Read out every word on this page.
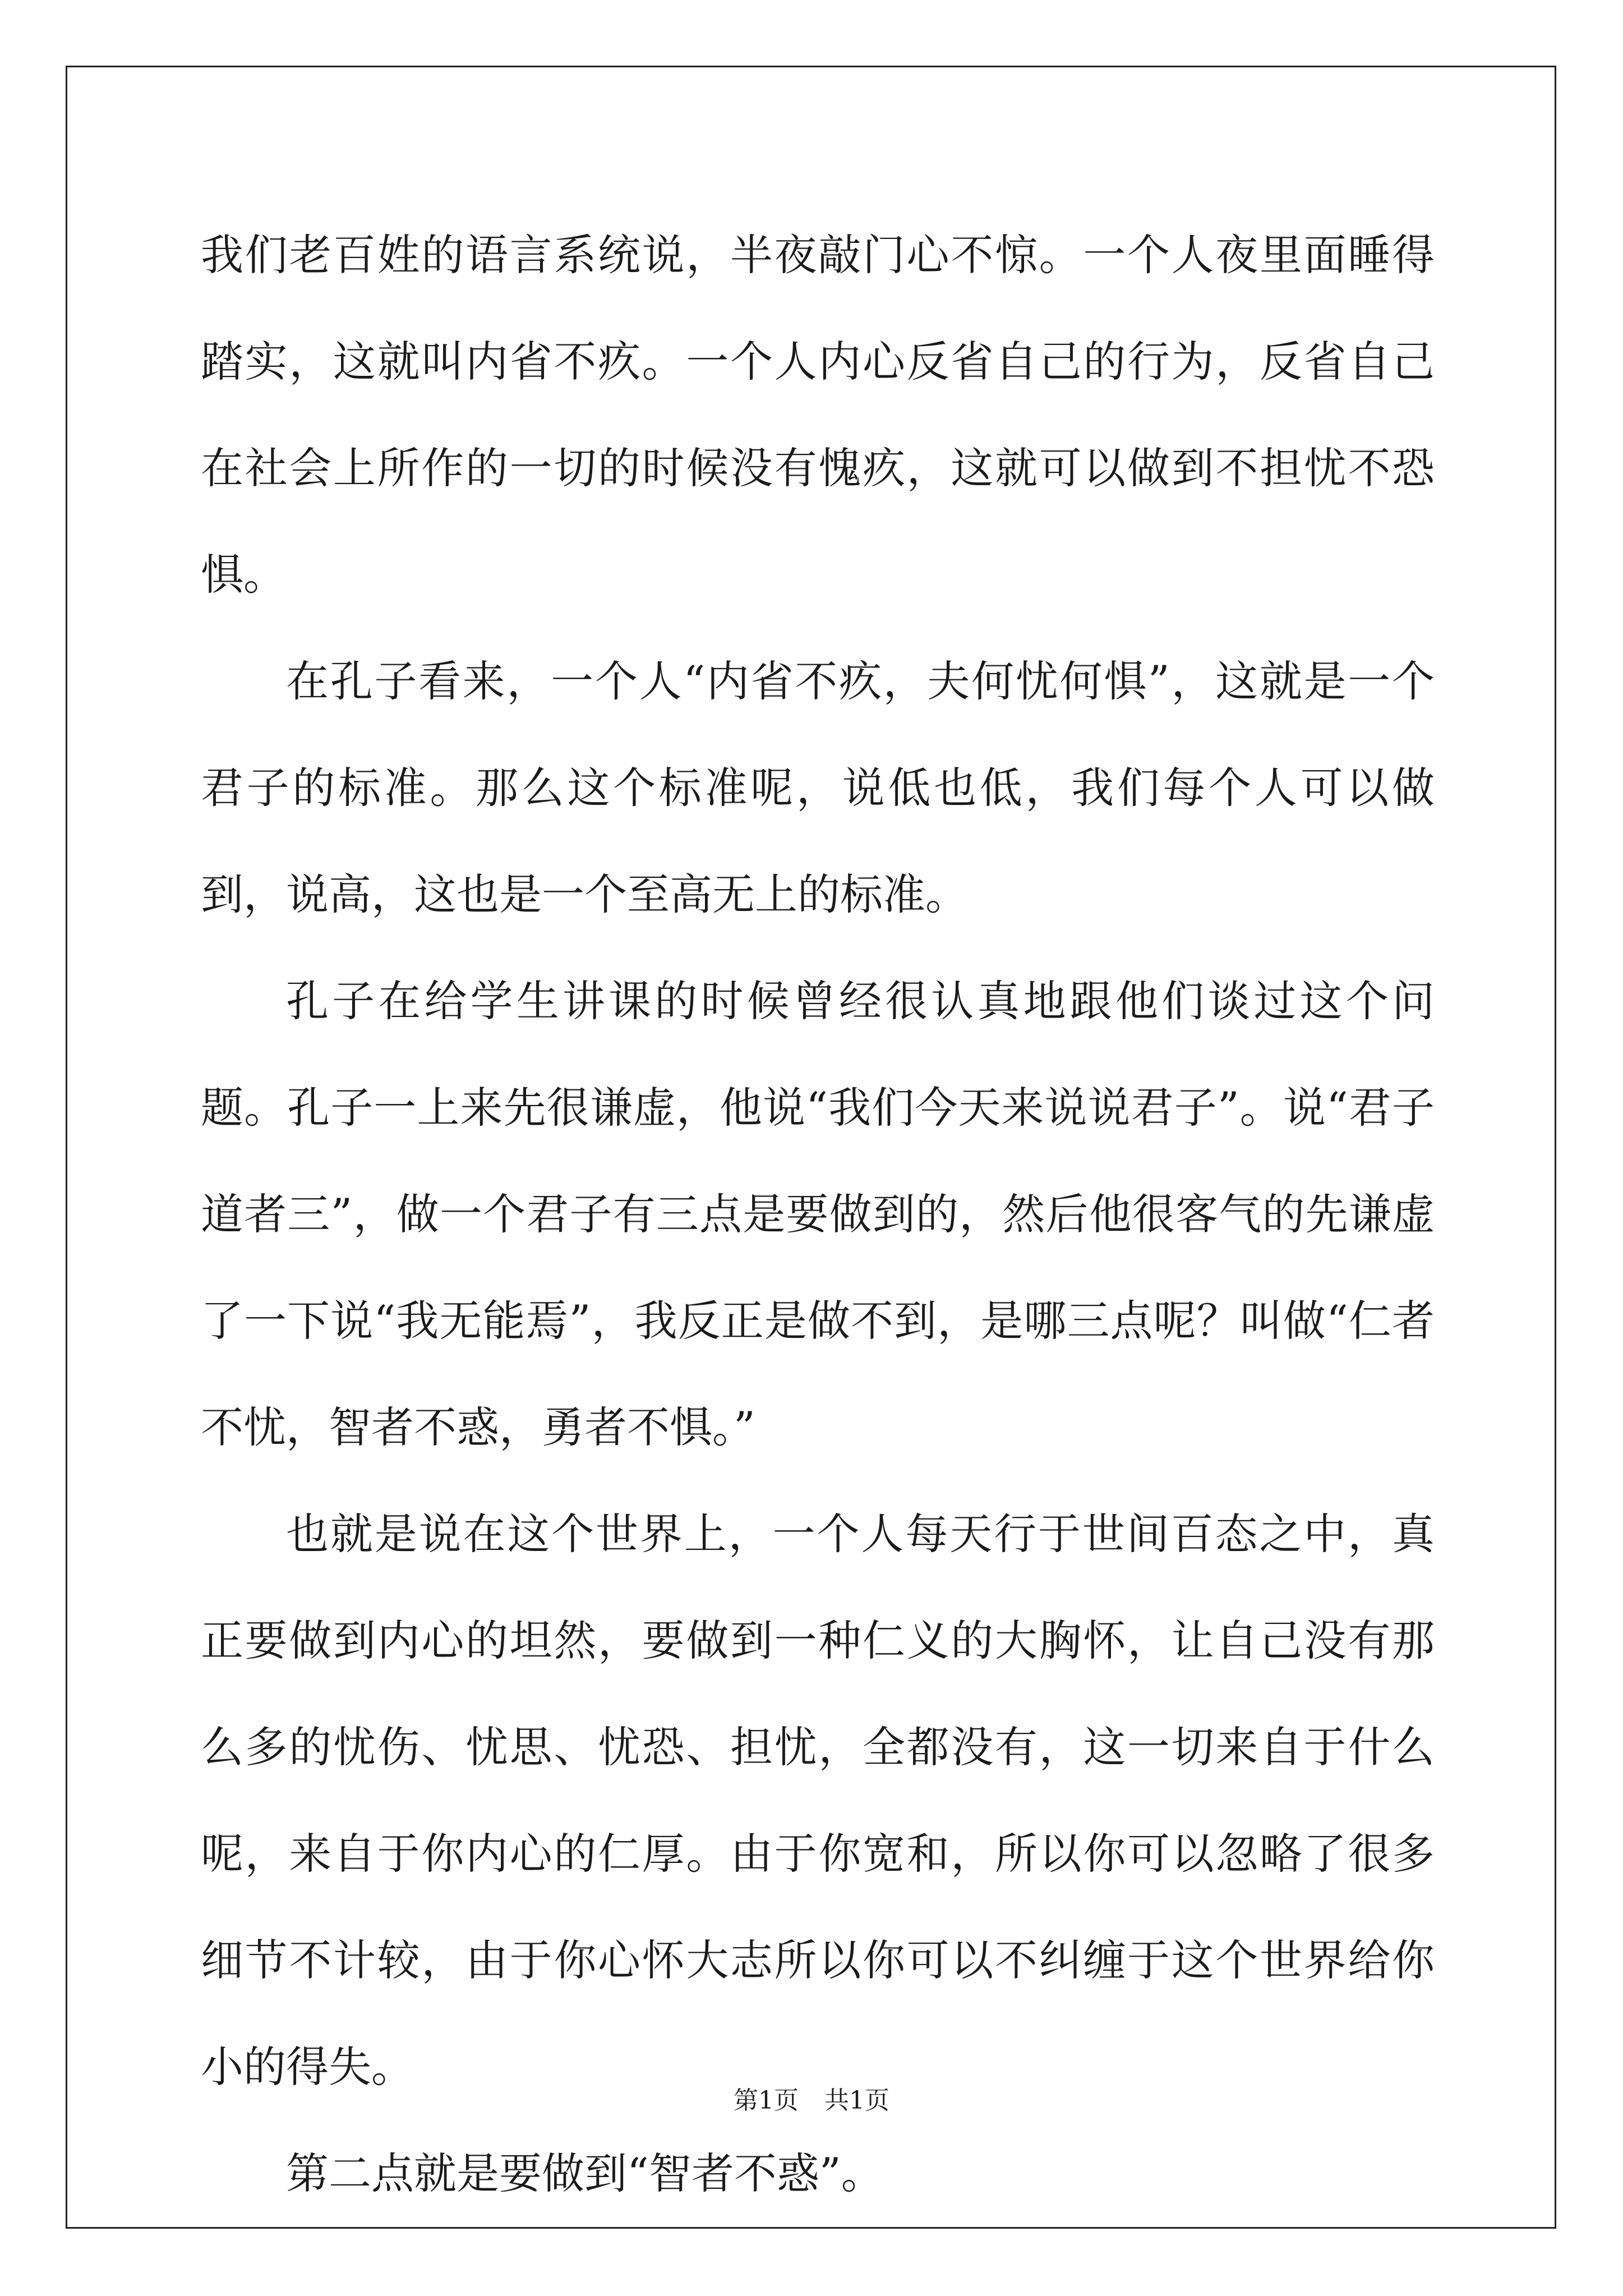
我们老百姓的语言系统说，半夜敲门心不惊。一个人夜里面睡得踏实，这就叫内省不疚。一个人内心反省自己的行为，反省自己在社会上所作的一切的时候没有愧疚，这就可以做到不担忧不恐惧。

在孔子看来，一个人“内省不疚，夫何忧何惧”，这就是一个君子的标准。那么这个标准呢，说低也低，我们每个人可以做到，说高，这也是一个至高无上的标准。

孔子在给学生讲课的时候曾经很认真地跟他们谈过这个问题。孔子一上来先很谦虚，他说“我们今天来说说君子”。说“君子道者三”，做一个君子有三点是要做到的，然后他很客气的先谦虚了一下说“我无能焉”，我反正是做不到，是哪三点呢？叫做“仁者不忧，智者不惑，勇者不惧。”

也就是说在这个世界上，一个人每天行于世间百态之中，真正要做到内心的坦然，要做到一种仁义的大胸怀，让自己没有那么多的忧伤、忧思、忧恐、担忧，全都没有，这一切来自于什么呢，来自于你内心的仁厚。由于你宽和，所以你可以忽略了很多细节不计较，由于你心怀大志所以你可以不纠缠于这个世界给你小的得失。

第二点就是要做到“智者不惑”。

第1页 共1页
